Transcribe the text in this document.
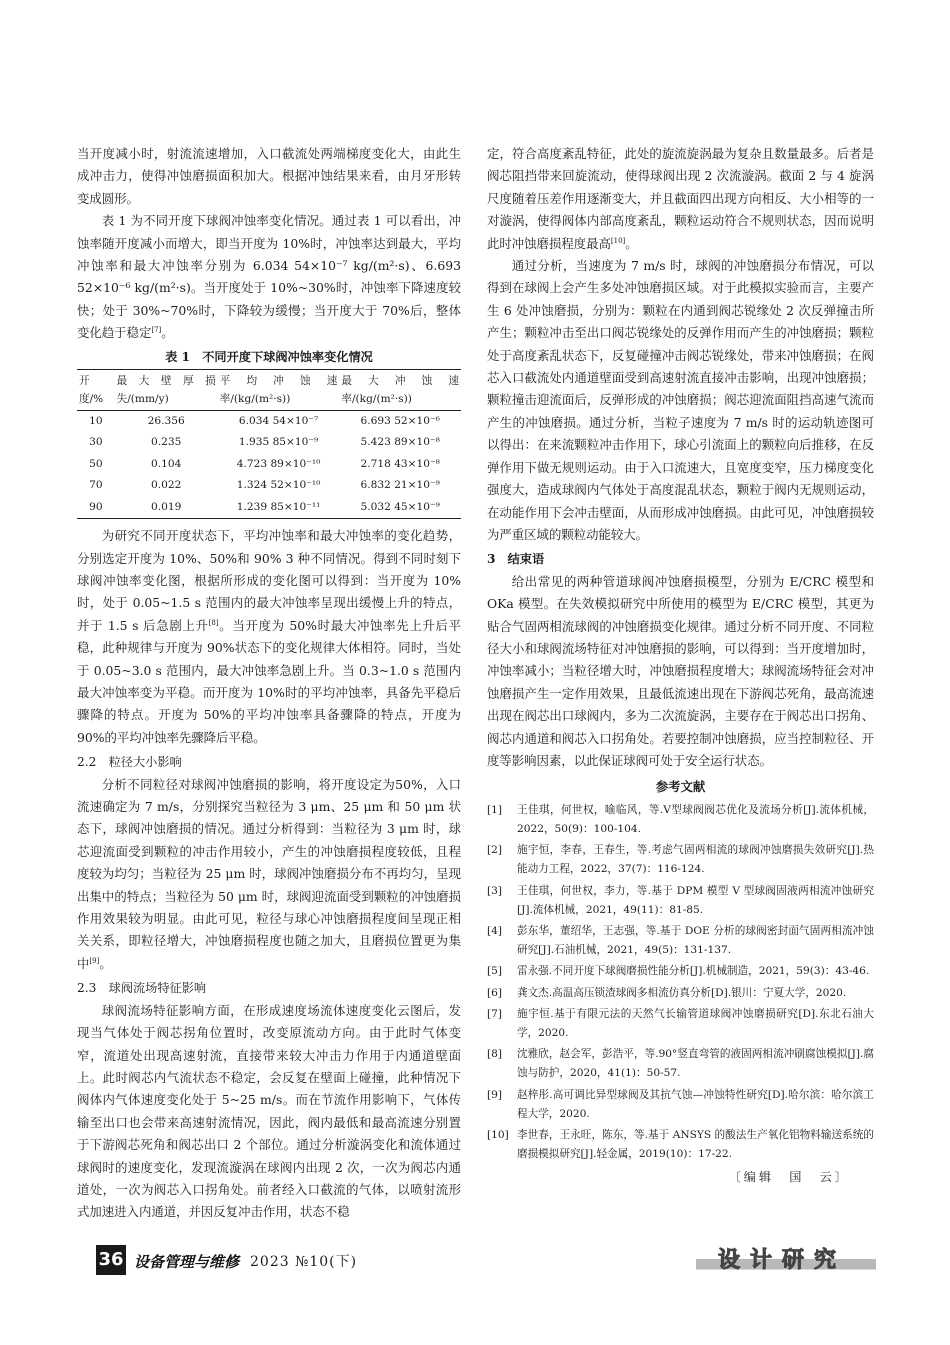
当开度减小时，射流流速增加，入口截流处两端梯度变化大，由此生成冲击力，使得冲蚀磨损面积加大。根据冲蚀结果来看，由月牙形转变成圆形。

表 1 为不同开度下球阀冲蚀率变化情况。通过表 1 可以看出，冲蚀率随开度减小而增大，即当开度为 10%时，冲蚀率达到最大，平均冲蚀率和最大冲蚀率分别为 6.034 54×10⁻⁷ kg/(m²·s)、6.693 52×10⁻⁶ kg/(m²·s)。当开度处于 10%~30%时，冲蚀率下降速度较快；处于 30%~70%时，下降较为缓慢；当开度大于 70%后，整体变化趋于稳定[7]。

表 1　不同开度下球阀冲蚀率变化情况
开度/%	最大壁厚损失/(mm/y)	平均冲蚀速率/(kg/(m²·s))	最大冲蚀速率/(kg/(m²·s))
10	26.356	6.034 54×10⁻⁷	6.693 52×10⁻⁶
30	0.235	1.935 85×10⁻⁹	5.423 89×10⁻⁸
50	0.104	4.723 89×10⁻¹⁰	2.718 43×10⁻⁸
70	0.022	1.324 52×10⁻¹⁰	6.832 21×10⁻⁹
90	0.019	1.239 85×10⁻¹¹	5.032 45×10⁻⁹

为研究不同开度状态下，平均冲蚀率和最大冲蚀率的变化趋势，分别选定开度为 10%、50%和 90% 3 种不同情况。得到不同时刻下球阀冲蚀率变化图，根据所形成的变化图可以得到：当开度为 10%时，处于 0.05~1.5 s 范围内的最大冲蚀率呈现出缓慢上升的特点，并于 1.5 s 后急剧上升[8]。当开度为 50%时最大冲蚀率先上升后平稳，此种规律与开度为 90%状态下的变化规律大体相符。同时，当处于 0.05~3.0 s 范围内，最大冲蚀率急剧上升。当 0.3~1.0 s 范围内最大冲蚀率变为平稳。而开度为 10%时的平均冲蚀率，具备先平稳后骤降的特点。开度为 50%的平均冲蚀率具备骤降的特点，开度为 90%的平均冲蚀率先骤降后平稳。

2.2　粒径大小影响

分析不同粒径对球阀冲蚀磨损的影响，将开度设定为50%，入口流速确定为 7 m/s，分别探究当粒径为 3 μm、25 μm 和 50 μm 状态下，球阀冲蚀磨损的情况。通过分析得到：当粒径为 3 μm 时，球芯迎流面受到颗粒的冲击作用较小，产生的冲蚀磨损程度较低，且程度较为均匀；当粒径为 25 μm 时，球阀冲蚀磨损分布不再均匀，呈现出集中的特点；当粒径为 50 μm 时，球阀迎流面受到颗粒的冲蚀磨损作用效果较为明显。由此可见，粒径与球心冲蚀磨损程度间呈现正相关关系，即粒径增大，冲蚀磨损程度也随之加大，且磨损位置更为集中[9]。

2.3　球阀流场特征影响

球阀流场特征影响方面，在形成速度场流体速度变化云图后，发现当气体处于阀芯拐角位置时，改变原流动方向。由于此时气体变窄，流道处出现高速射流，直接带来较大冲击力作用于内通道壁面上。此时阀芯内气流状态不稳定，会反复在壁面上碰撞，此种情况下阀体内气体速度变化处于 5~25 m/s。而在节流作用影响下，气体传输至出口也会带来高速射流情况，因此，阀内最低和最高流速分别置于下游阀芯死角和阀芯出口 2 个部位。通过分析漩涡变化和流体通过球阀时的速度变化，发现流漩涡在球阀内出现 2 次，一次为阀芯内通道处，一次为阀芯入口拐角处。前者经入口截流的气体，以喷射流形式加速进入内通道，并因反复冲击作用，状态不稳

定，符合高度紊乱特征，此处的旋流旋涡最为复杂且数量最多。后者是阀芯阻挡带来回旋流动，使得球阀出现 2 次流漩涡。截面 2 与 4 旋涡尺度随着压差作用逐渐变大，并且截面四出现方向相反、大小相等的一对漩涡，使得阀体内部高度紊乱，颗粒运动符合不规则状态，因而说明此时冲蚀磨损程度最高[10]。

通过分析，当速度为 7 m/s 时，球阀的冲蚀磨损分布情况，可以得到在球阀上会产生多处冲蚀磨损区域。对于此模拟实验而言，主要产生 6 处冲蚀磨损，分别为：颗粒在内通到阀芯锐缘处 2 次反弹撞击所产生；颗粒冲击至出口阀芯锐缘处的反弹作用而产生的冲蚀磨损；颗粒处于高度紊乱状态下，反复碰撞冲击阀芯锐缘处，带来冲蚀磨损；在阀芯入口截流处内通道壁面受到高速射流直接冲击影响，出现冲蚀磨损；颗粒撞击迎流面后，反弹形成的冲蚀磨损；阀芯迎流面阻挡高速气流而产生的冲蚀磨损。通过分析，当粒子速度为 7 m/s 时的运动轨迹图可以得出：在来流颗粒冲击作用下，球心引流面上的颗粒向后推移，在反弹作用下做无规则运动。由于入口流速大，且宽度变窄，压力梯度变化强度大，造成球阀内气体处于高度混乱状态，颗粒于阀内无规则运动，在动能作用下会冲击壁面，从而形成冲蚀磨损。由此可见，冲蚀磨损较为严重区域的颗粒动能较大。

3　结束语

给出常见的两种管道球阀冲蚀磨损模型，分别为 E/CRC 模型和 OKa 模型。在失效模拟研究中所使用的模型为 E/CRC 模型，其更为贴合气固两相流球阀的冲蚀磨损变化规律。通过分析不同开度、不同粒径大小和球阀流场特征对冲蚀磨损的影响，可以得到：当开度增加时，冲蚀率减小；当粒径增大时，冲蚀磨损程度增大；球阀流场特征会对冲蚀磨损产生一定作用效果，且最低流速出现在下游阀芯死角，最高流速出现在阀芯出口球阀内，多为二次流旋涡，主要存在于阀芯出口拐角、阀芯内通道和阀芯入口拐角处。若要控制冲蚀磨损，应当控制粒径、开度等影响因素，以此保证球阀可处于安全运行状态。

参考文献
[1]	王佳琪，何世权，喻临风，等.V型球阀阀芯优化及流场分析[J].流体机械，2022，50(9)：100-104.
[2]	施宇恒，李春，王春生，等.考虑气固两相流的球阀冲蚀磨损失效研究[J].热能动力工程，2022，37(7)：116-124.
[3]	王佳琪，何世权，李力，等.基于 DPM 模型 V 型球阀固液两相流冲蚀研究[J].流体机械，2021，49(11)：81-85.
[4]	彭东华，董绍华，王志强，等.基于 DOE 分析的球阀密封面气固两相流冲蚀研究[J].石油机械，2021，49(5)：131-137.
[5]	雷永强.不同开度下球阀磨损性能分析[J].机械制造，2021，59(3)：43-46.
[6]	龚文杰.高温高压锁渣球阀多相流仿真分析[D].银川：宁夏大学，2020.
[7]	施宇恒.基于有限元法的天然气长输管道球阀冲蚀磨损研究[D].东北石油大学，2020.
[8]	沈雅欣，赵会军，彭浩平，等.90°竖直弯管的液固两相流冲刷腐蚀模拟[J].腐蚀与防护，2020，41(1)：50-57.
[9]	赵梓彤.高可调比异型球阀及其抗气蚀—冲蚀特性研究[D].哈尔滨：哈尔滨工程大学，2020.
[10] 李世春，王永旺，陈东，等.基于 ANSYS 的酸法生产氧化铝物料输送系统的磨损模拟研究[J].轻金属，2019(10)：17-22.
〔编辑　国　云〕
36 设备管理与维修 2023 №10(下)	设计研究
